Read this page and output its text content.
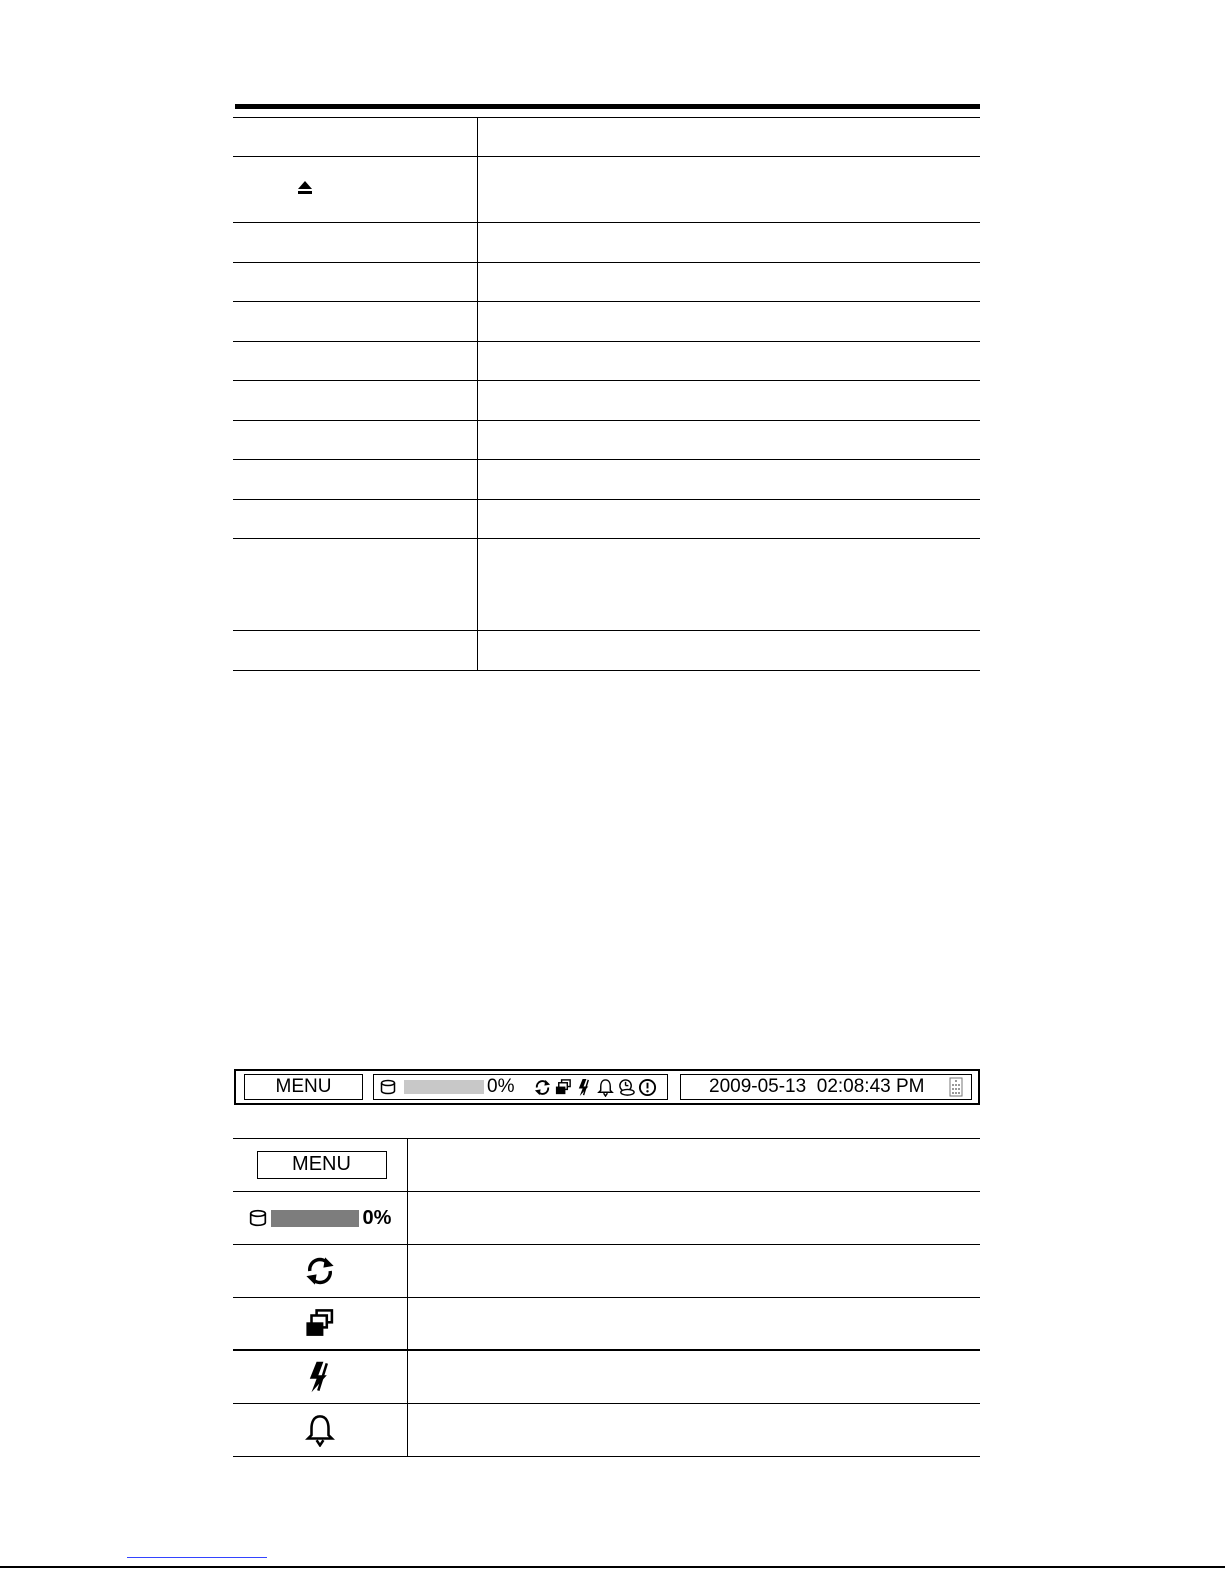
MENU	0%	2009-05-13  02:08:43 PM
MENU
0%
